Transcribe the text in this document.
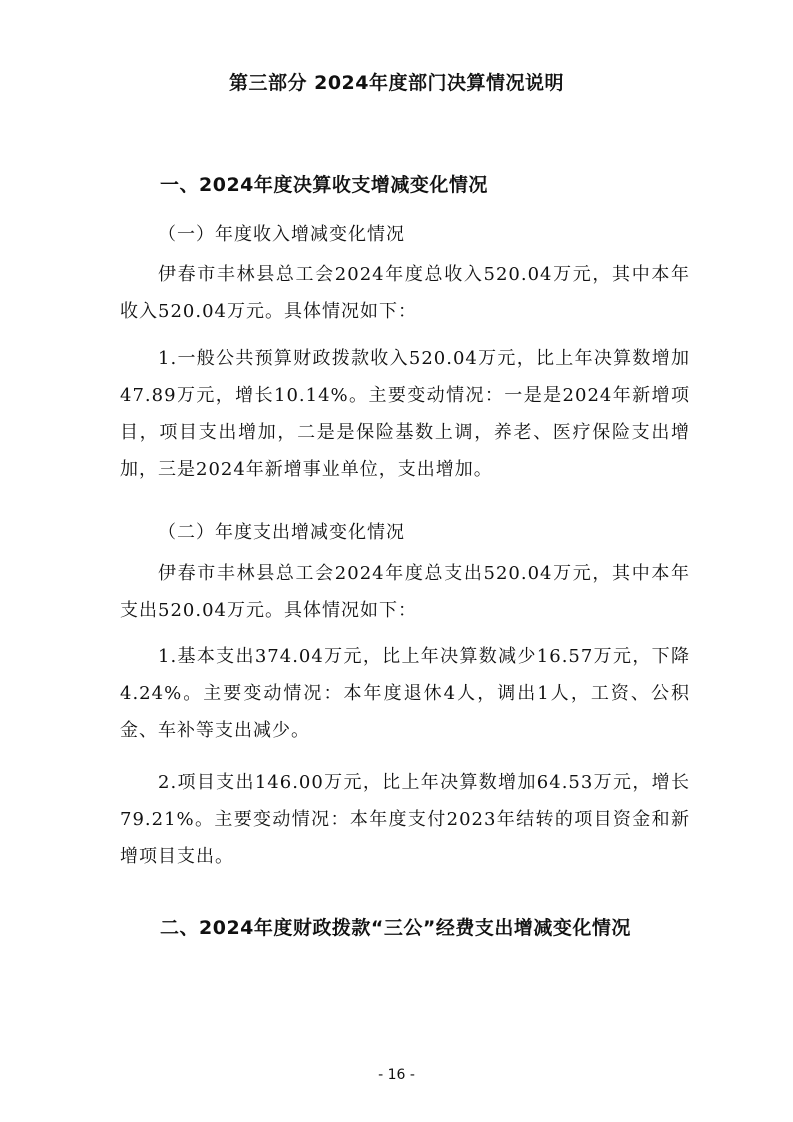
第三部分 2024年度部门决算情况说明
一、2024年度决算收支增减变化情况
（一）年度收入增减变化情况

伊春市丰林县总工会2024年度总收入520.04万元，其中本年收入520.04万元。具体情况如下：

1.一般公共预算财政拨款收入520.04万元，比上年决算数增加47.89万元，增长10.14%。主要变动情况：一是是2024年新增项目，项目支出增加，二是是保险基数上调，养老、医疗保险支出增加，三是2024年新增事业单位，支出增加。

（二）年度支出增减变化情况

伊春市丰林县总工会2024年度总支出520.04万元，其中本年支出520.04万元。具体情况如下：

1.基本支出374.04万元，比上年决算数减少16.57万元，下降4.24%。主要变动情况：本年度退休4人，调出1人，工资、公积金、车补等支出减少。

2.项目支出146.00万元，比上年决算数增加64.53万元，增长79.21%。主要变动情况：本年度支付2023年结转的项目资金和新增项目支出。

二、2024年度财政拨款“三公”经费支出增减变化情况
- 16 -
